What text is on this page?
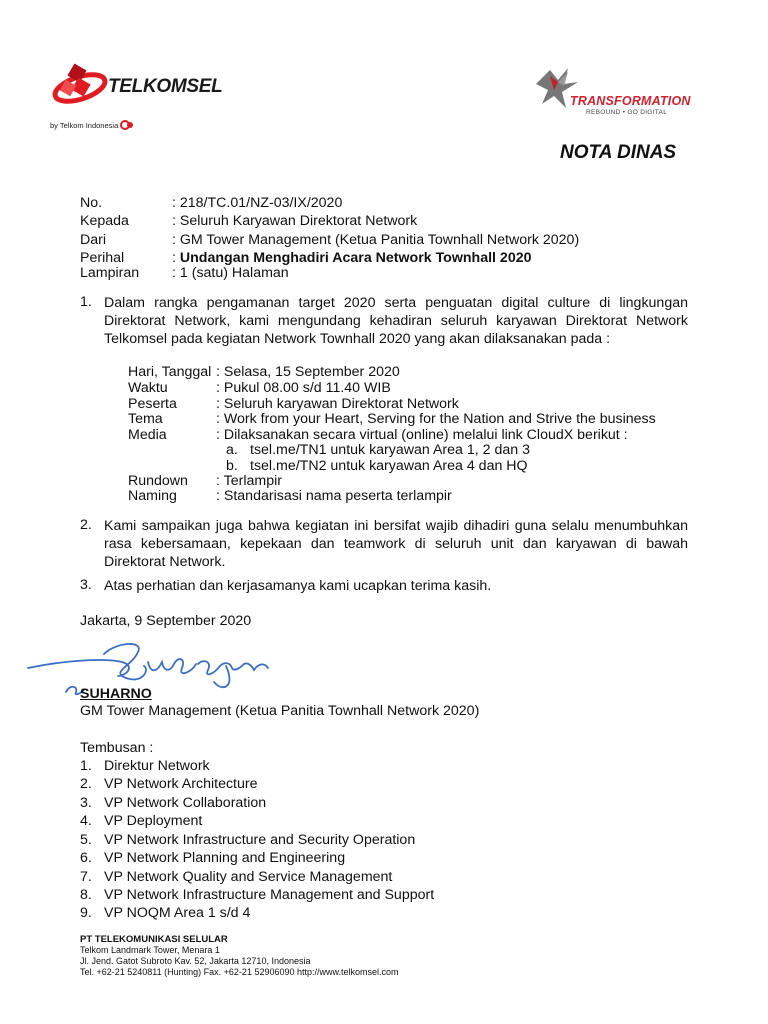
TELKOMSEL
by Telkom Indonesia
TRANSFORMATION
REBOUND • GO DIGITAL
NOTA DINAS
No.	: 218/TC.01/NZ-03/IX/2020
Kepada	: Seluruh Karyawan Direktorat Network
Dari	: GM Tower Management (Ketua Panitia Townhall Network 2020)
Perihal	: Undangan Menghadiri Acara Network Townhall 2020
Lampiran	: 1 (satu) Halaman
1. Dalam rangka pengamanan target 2020 serta penguatan digital culture di lingkungan Direktorat Network, kami mengundang kehadiran seluruh karyawan Direktorat Network Telkomsel pada kegiatan Network Townhall 2020 yang akan dilaksanakan pada :
Hari, Tanggal : Selasa, 15 September 2020
Waktu	: Pukul 08.00 s/d 11.40 WIB
Peserta	: Seluruh karyawan Direktorat Network
Tema	: Work from your Heart, Serving for the Nation and Strive the business
Media	: Dilaksanakan secara virtual (online) melalui link CloudX berikut :
a. tsel.me/TN1 untuk karyawan Area 1, 2 dan 3
b. tsel.me/TN2 untuk karyawan Area 4 dan HQ
Rundown	: Terlampir
Naming	: Standarisasi nama peserta terlampir
2. Kami sampaikan juga bahwa kegiatan ini bersifat wajib dihadiri guna selalu menumbuhkan rasa kebersamaan, kepekaan dan teamwork di seluruh unit dan karyawan di bawah Direktorat Network.
3. Atas perhatian dan kerjasamanya kami ucapkan terima kasih.
Jakarta, 9 September 2020
SUHARNO
GM Tower Management (Ketua Panitia Townhall Network 2020)
Tembusan :
1. Direktur Network
2. VP Network Architecture
3. VP Network Collaboration
4. VP Deployment
5. VP Network Infrastructure and Security Operation
6. VP Network Planning and Engineering
7. VP Network Quality and Service Management
8. VP Network Infrastructure Management and Support
9. VP NOQM Area 1 s/d 4
PT TELEKOMUNIKASI SELULAR
Telkom Landmark Tower, Menara 1
Jl. Jend. Gatot Subroto Kav. 52, Jakarta 12710, Indonesia
Tel. +62-21 5240811 (Hunting) Fax. +62-21 52906090 http://www.telkomsel.com
